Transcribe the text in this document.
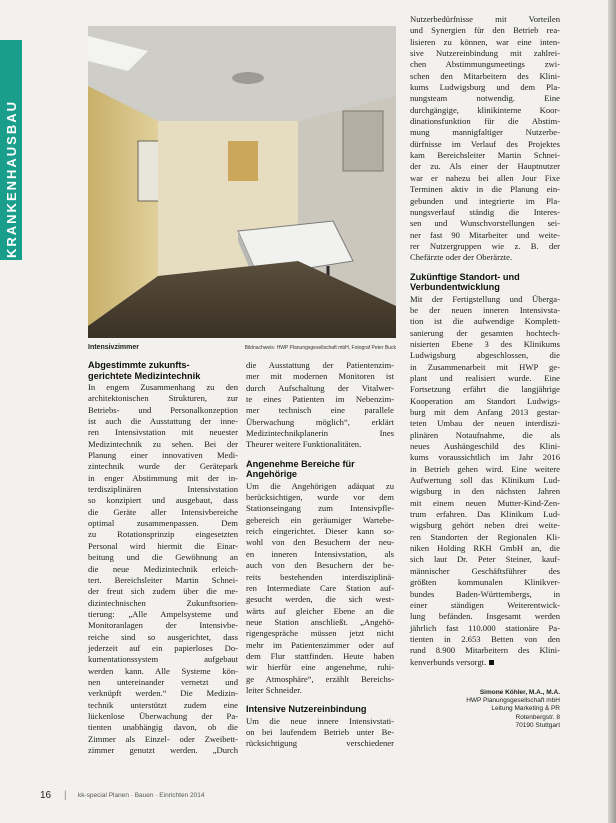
KRANKENHAUSBAU
Intensivzimmer	Bildnachweis: HWP Planungsgesellschaft mbH, Fotograf Peter Buck
Abgestimmte zukunfts-
gerichtete Medizintechnik

In engem Zusammenhang zu den
architektonischen Strukturen, zur
Betriebs- und Personalkonzeption
ist auch die Ausstattung der inne-
ren Intensivstation mit neuester
Medizintechnik zu sehen. Bei der
Planung einer innovativen Medi-
zintechnik wurde der Gerätepark
in enger Abstimmung mit der in-
terdisziplinären Intensivstation
so konzipiert und ausgebaut, dass
die Geräte aller Intensivbereiche
optimal zusammenpassen. Dem
zu Rotationsprinzip eingesetzten
Personal wird hiermit die Einar-
beitung und die Gewöhnung an
die neue Medizintechnik erleich-
tert. Bereichsleiter Martin Schnei-
der freut sich zudem über die me-
dizintechnischen Zukunftsorien-
tierung: „Alle Ampelsysteme und
Monitoranlagen der Intensivbe-
reiche sind so ausgerichtet, dass
jederzeit auf ein papierloses Do-
kumentationssystem aufgebaut
werden kann. Alle Systeme kön-
nen untereinander vernetzt und
verknüpft werden.“ Die Medizin-
technik unterstützt zudem eine
lückenlose Überwachung der Pa-
tienten unabhängig davon, ob die
Zimmer als Einzel- oder Zweibett-
zimmer genutzt werden. „Durch

die Ausstattung der Patientenzim-
mer mit modernen Monitoren ist
durch Aufschaltung der Vitalwer-
te eines Patienten im Nebenzim-
mer technisch eine parallele
Überwachung möglich“, erklärt
Medizintechnikplanerin Ines
Theurer weitere Funktionalitäten.

Angenehme Bereiche für
Angehörige

Um die Angehörigen adäquat zu
berücksichtigen, wurde vor dem
Stationseingang zum Intensivpfle-
gebereich ein geräumiger Wartebe-
reich eingerichtet. Dieser kann so-
wohl von den Besuchern der neu-
en inneren Intensivstation, als
auch von den Besuchern der be-
reits bestehenden interdisziplinä-
ren Intermediate Care Station auf-
gesucht werden, die sich west-
wärts auf gleicher Ebene an die
neue Station anschließt. „Angehö-
rigengespräche müssen jetzt nicht
mehr im Patientenzimmer oder auf
dem Flur stattfinden. Heute haben
wir hierfür eine angenehme, ruhi-
ge Atmosphäre“, erzählt Bereichs-
leiter Schneider.

Intensive Nutzereinbindung

Um die neue innere Intensivstati-
on bei laufendem Betrieb unter Be-
rücksichtigung verschiedener

Nutzerbedürfnisse mit Vorteilen
und Synergien für den Betrieb rea-
lisieren zu können, war eine inten-
sive Nutzereinbindung mit zahlrei-
chen Abstimmungsmeetings zwi-
schen den Mitarbeitern des Klini-
kums Ludwigsburg und dem Pla-
nungsteam notwendig. Eine
durchgängige, klinikinterne Koor-
dinationsfunktion für die Abstim-
mung mannigfaltiger Nutzerbe-
dürfnisse im Verlauf des Projektes
kam Bereichsleiter Martin Schnei-
der zu. Als einer der Hauptnutzer
war er nahezu bei allen Jour Fixe
Terminen aktiv in die Planung ein-
gebunden und integrierte im Pla-
nungsverlauf ständig die Interes-
sen und Wunschvorstellungen sei-
ner fast 90 Mitarbeiter und weite-
rer Nutzergruppen wie z. B. der
Chefärzte oder der Oberärzte.

Zukünftige Standort- und
Verbundentwicklung

Mit der Fertigstellung und Überga-
be der neuen inneren Intensivsta-
tion ist die aufwendige Komplett-
sanierung der gesamten hochtech-
nisierten Ebene 3 des Klinikums
Ludwigsburg abgeschlossen, die
in Zusammenarbeit mit HWP ge-
plant und realisiert wurde. Eine
Fortsetzung erfährt die langjährige
Kooperation am Standort Ludwigs-
burg mit dem Anfang 2013 gestar-
teten Umbau der neuen interdiszi-
plinären Notaufnahme, die als
neues Aushängeschild des Klini-
kums voraussichtlich im Jahr 2016
in Betrieb gehen wird. Eine weitere
Aufwertung soll das Klinikum Lud-
wigsburg in den nächsten Jahren
mit einem neuen Mutter-Kind-Zen-
trum erfahren. Das Klinikum Lud-
wigsburg gehört neben drei weite-
ren Standorten der Regionalen Kli-
niken Holding RKH GmbH an, die
sich laut Dr. Peter Steiner, kauf-
männischer Geschäftsführer des
größten kommunalen Klinikver-
bundes Baden-Württembergs, in
einer ständigen Weiterentwick-
lung befänden. Insgesamt werden
jährlich fast 110.000 stationäre Pa-
tienten in 2.653 Betten von den
rund 8.900 Mitarbeitern des Klini-
kenverbunds versorgt.

Simone Köhler, M.A., M.A.
HWP Planungsgesellschaft mbH
Leitung Marketing & PR
Rotenbergstr. 8
70190 Stuttgart
16 | kk-special Planen · Bauen · Einrichten 2014
